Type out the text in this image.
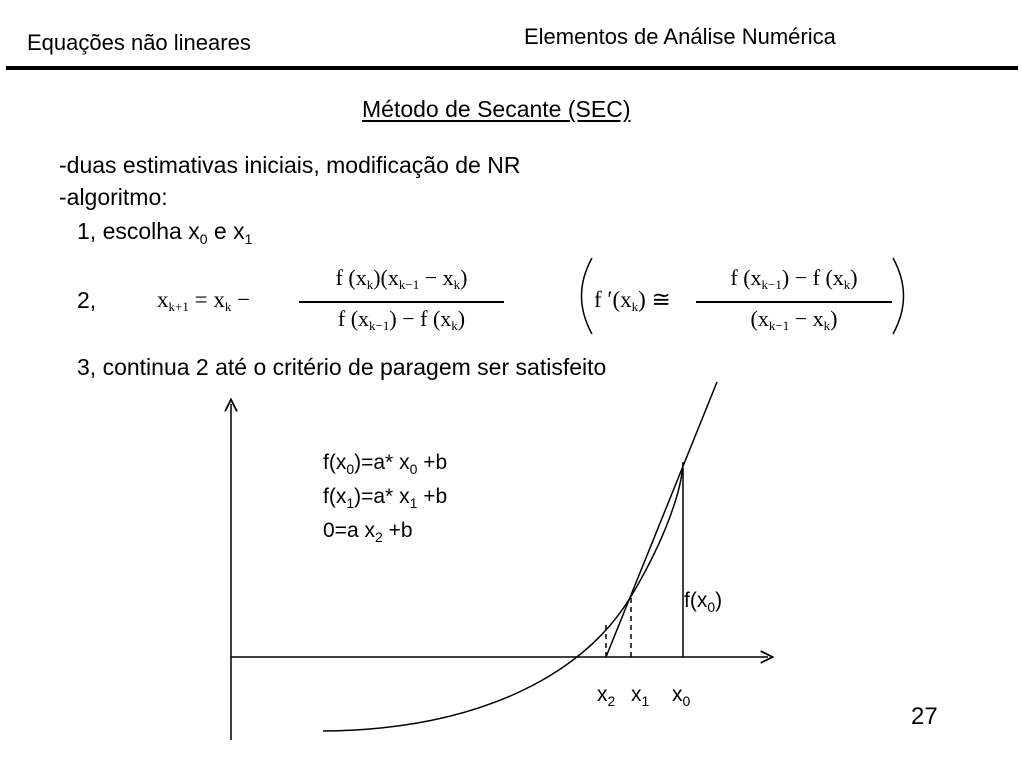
Equações não lineares	Elementos de Análise Numérica
Método de Secante (SEC)
-duas estimativas iniciais, modificação de NR
-algoritmo:
1, escolha $x_0$ e $x_1$
2,
3, continua 2 até o critério de paragem ser satisfeito
xk+1 = xk −
f (xk)(xk−1 − xk)
f (xk−1) − f (xk)
f ′(xk) ≅
f (xk−1) − f (xk)
(xk−1 − xk)
$f(x_0)=a*$ $x_0 +b$
$f(x_1)=a*$ $x_1 +b$
0=a $x_2 +b$
$f(x_0)$
$x_2$ $x_1$ $x_0$
27
